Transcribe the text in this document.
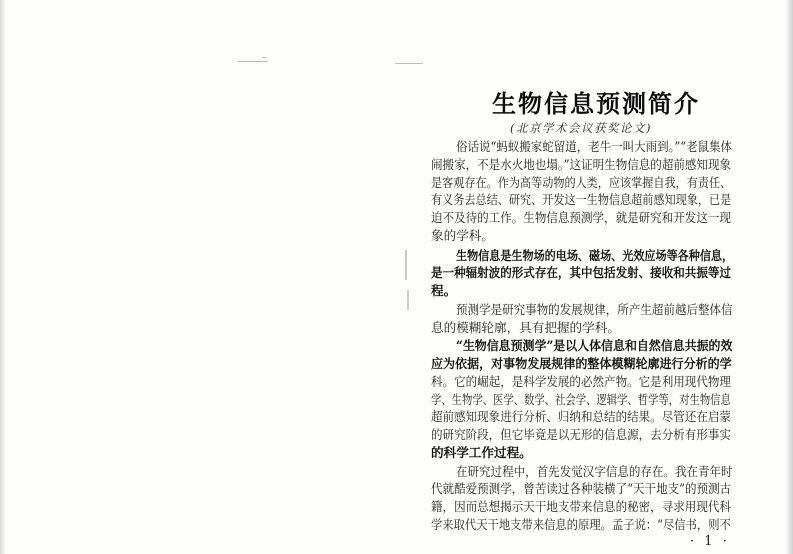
生物信息预测简介
(北京学术会议获奖论文)
俗话说“蚂蚁搬家蛇留道，老牛一叫大雨到。”“老鼠集体
闹搬家，不是水火地也塌。”这证明生物信息的超前感知现象
是客观存在。作为高等动物的人类，应该掌握自我，有责任、
有义务去总结、研究、开发这一生物信息超前感知现象，已是
迫不及待的工作。生物信息预测学，就是研究和开发这一现
象的学科。
生物信息是生物场的电场、磁场、光效应场等各种信息，
是一种辐射波的形式存在，其中包括发射、接收和共振等过
程。
预测学是研究事物的发展规律，所产生超前越后整体信
息的模糊轮廓，具有把握的学科。
“生物信息预测学”是以人体信息和自然信息共振的效
应为依据，对事物发展规律的整体模糊轮廓进行分析的学
科。它的崛起，是科学发展的必然产物。它是利用现代物理
学、生物学、医学、数学、社会学、逻辑学、哲学等，对生物信息
超前感知现象进行分析、归纳和总结的结果。尽管还在启蒙
的研究阶段，但它毕竟是以无形的信息源，去分析有形事实
的科学工作过程。
在研究过程中，首先发觉汉字信息的存在。我在青年时
代就酷爱预测学，曾苦读过各种装横了“天干地支”的预测古
籍，因而总想揭示天干地支带来信息的秘密，寻求用现代科
学来取代天干地支带来信息的原理。孟子说：“尽信书，则不
· 1 ·
